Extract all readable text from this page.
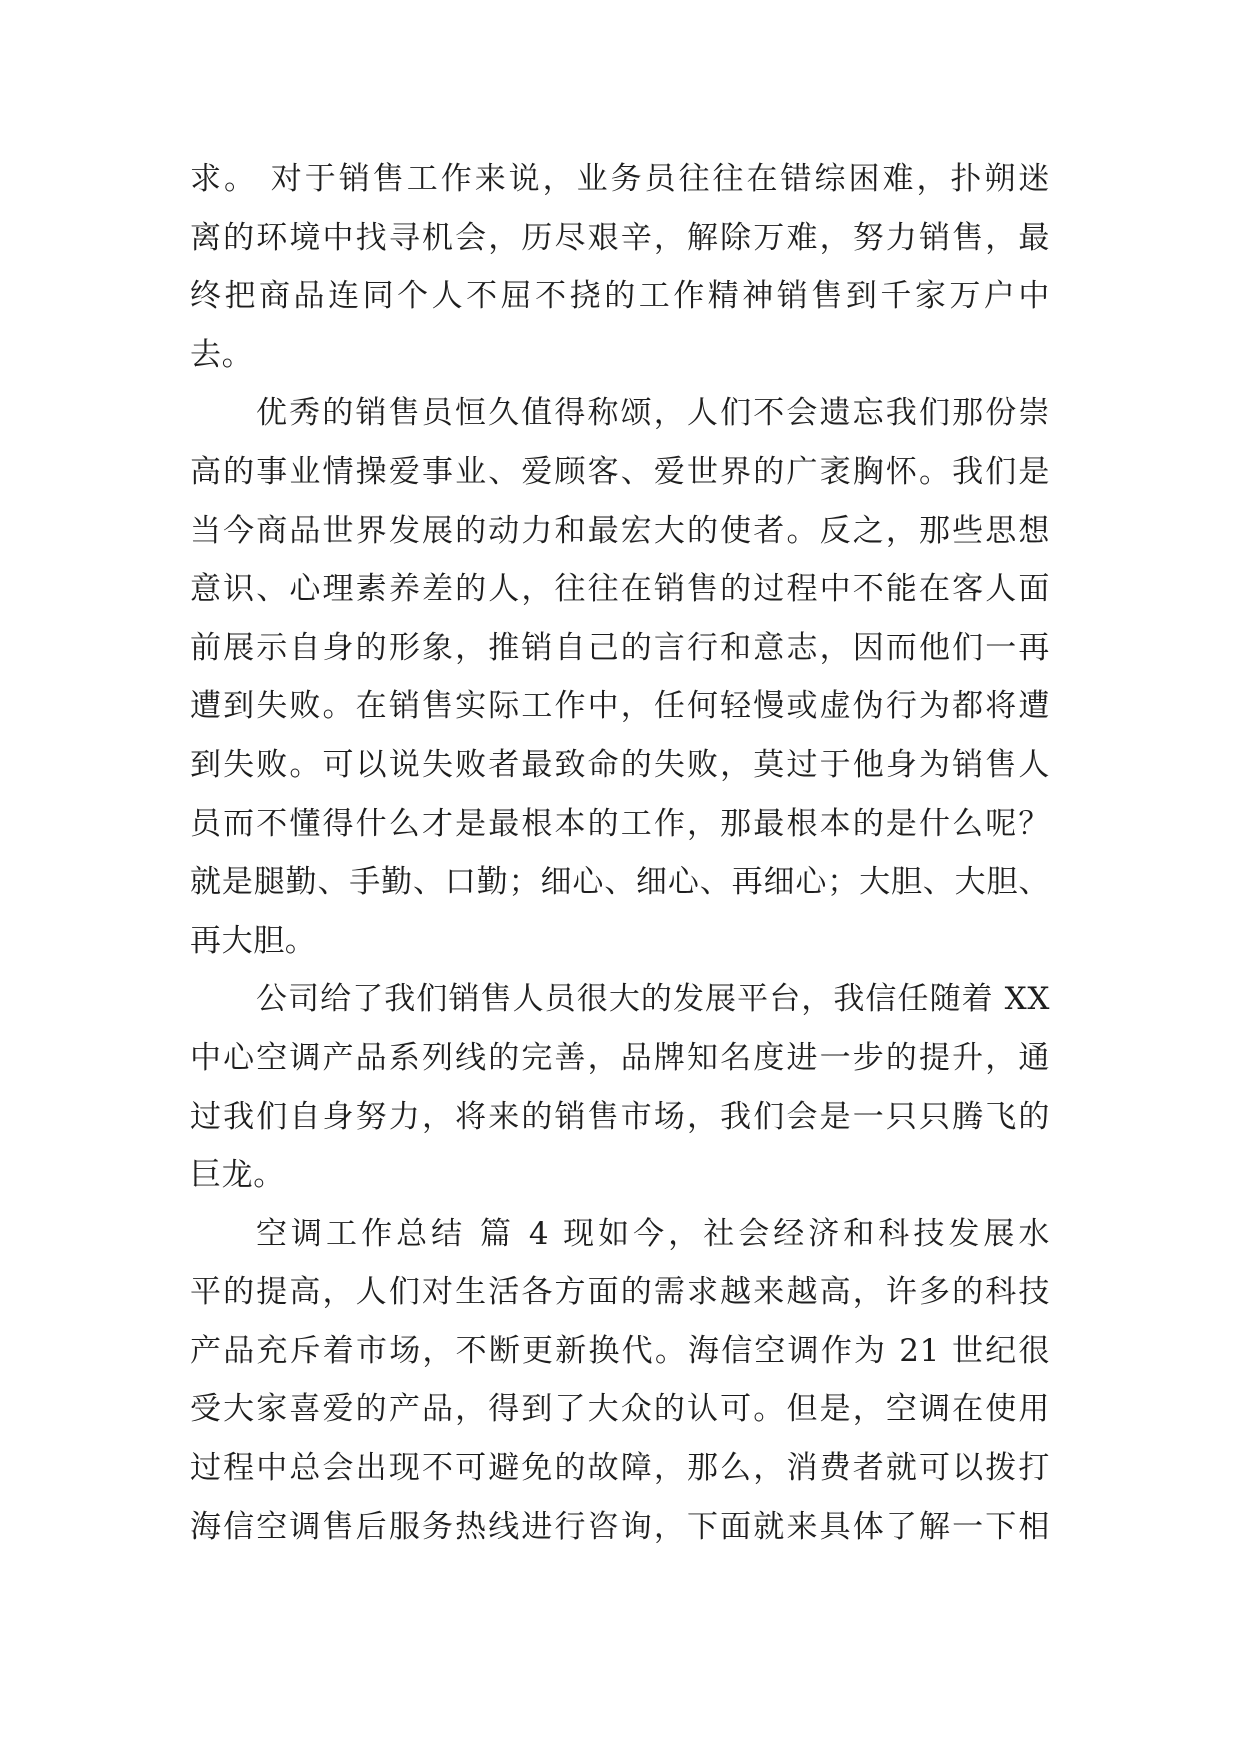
求。 对于销售工作来说，业务员往往在错综困难，扑朔迷
离的环境中找寻机会，历尽艰辛，解除万难，努力销售，最
终把商品连同个人不屈不挠的工作精神销售到千家万户中
去。
优秀的销售员恒久值得称颂，人们不会遗忘我们那份崇
高的事业情操爱事业、爱顾客、爱世界的广袤胸怀。我们是
当今商品世界发展的动力和最宏大的使者。反之，那些思想
意识、心理素养差的人，往往在销售的过程中不能在客人面
前展示自身的形象，推销自己的言行和意志，因而他们一再
遭到失败。在销售实际工作中，任何轻慢或虚伪行为都将遭
到失败。可以说失败者最致命的失败，莫过于他身为销售人
员而不懂得什么才是最根本的工作，那最根本的是什么呢？
就是腿勤、手勤、口勤；细心、细心、再细心；大胆、大胆、
再大胆。
公司给了我们销售人员很大的发展平台，我信任随着 XX
中心空调产品系列线的完善，品牌知名度进一步的提升，通
过我们自身努力，将来的销售市场，我们会是一只只腾飞的
巨龙。
空调工作总结 篇 4 现如今，社会经济和科技发展水
平的提高，人们对生活各方面的需求越来越高，许多的科技
产品充斥着市场，不断更新换代。海信空调作为 21 世纪很
受大家喜爱的产品，得到了大众的认可。但是，空调在使用
过程中总会出现不可避免的故障，那么，消费者就可以拨打
海信空调售后服务热线进行咨询，下面就来具体了解一下相
